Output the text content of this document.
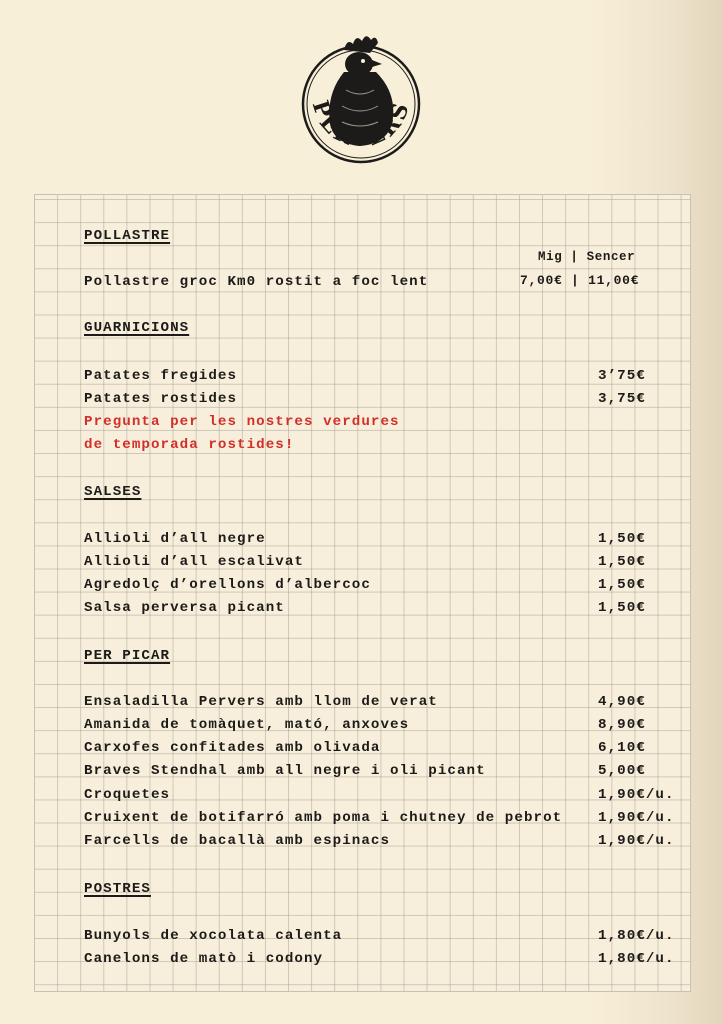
PERVERS
POLLASTRE
Mig | Sencer
Pollastre groc Km0 rostit a foc lent	7,00€ | 11,00€
GUARNICIONS
Patates fregides	3’75€
Patates rostides	3,75€
Pregunta per les nostres verdures
de temporada rostides!
SALSES
Allioli d’all negre	1,50€
Allioli d’all escalivat	1,50€
Agredolç d’orellons d’albercoc	1,50€
Salsa perversa picant	1,50€
PER PICAR
Ensaladilla Pervers amb llom de verat	4,90€
Amanida de tomàquet, mató, anxoves	8,90€
Carxofes confitades amb olivada	6,10€
Braves Stendhal amb all negre i oli picant	5,00€
Croquetes	1,90€/u.
Cruixent de botifarró amb poma i chutney de pebrot	1,90€/u.
Farcells de bacallà amb espinacs	1,90€/u.
POSTRES
Bunyols de xocolata calenta	1,80€/u.
Canelons de matò i codony	1,80€/u.
